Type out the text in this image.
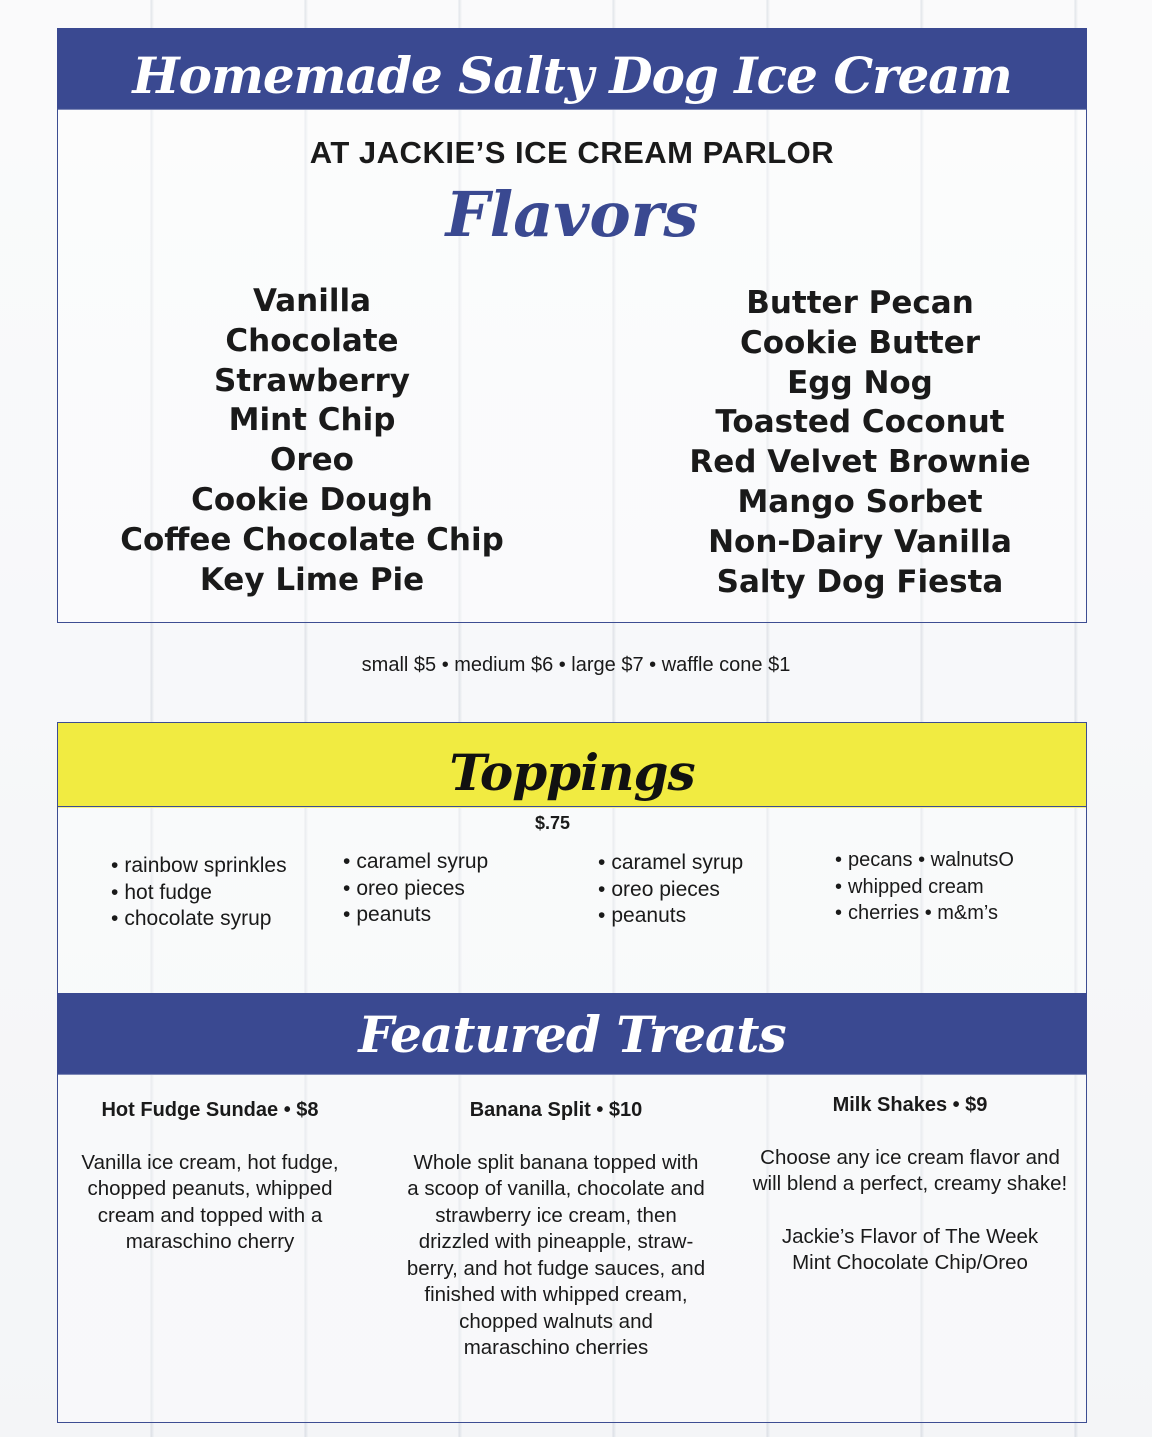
Homemade Salty Dog Ice Cream
AT JACKIE’S ICE CREAM PARLOR
Flavors
Vanilla
Chocolate
Strawberry
Mint Chip
Oreo
Cookie Dough
Coffee Chocolate Chip
Key Lime Pie
Butter Pecan
Cookie Butter
Egg Nog
Toasted Coconut
Red Velvet Brownie
Mango Sorbet
Non-Dairy Vanilla
Salty Dog Fiesta
small $5 • medium $6 • large $7 • waffle cone $1
Toppings
$.75
• rainbow sprinkles
• hot fudge
• chocolate syrup
• caramel syrup
• oreo pieces
• peanuts
• caramel syrup
• oreo pieces
• peanuts
• pecans • walnutsO
• whipped cream
• cherries • m&m’s
Featured Treats
Hot Fudge Sundae • $8

Vanilla ice cream, hot fudge,

chopped peanuts, whipped

cream and topped with a

maraschino cherry

Banana Split • $10

Whole split banana topped with

a scoop of vanilla, chocolate and

strawberry ice cream, then

drizzled with pineapple, straw-

berry, and hot fudge sauces, and

finished with whipped cream,

chopped walnuts and

maraschino cherries

Milk Shakes • $9

Choose any ice cream flavor and

will blend a perfect, creamy shake!

Jackie’s Flavor of The Week

Mint Chocolate Chip/Oreo
